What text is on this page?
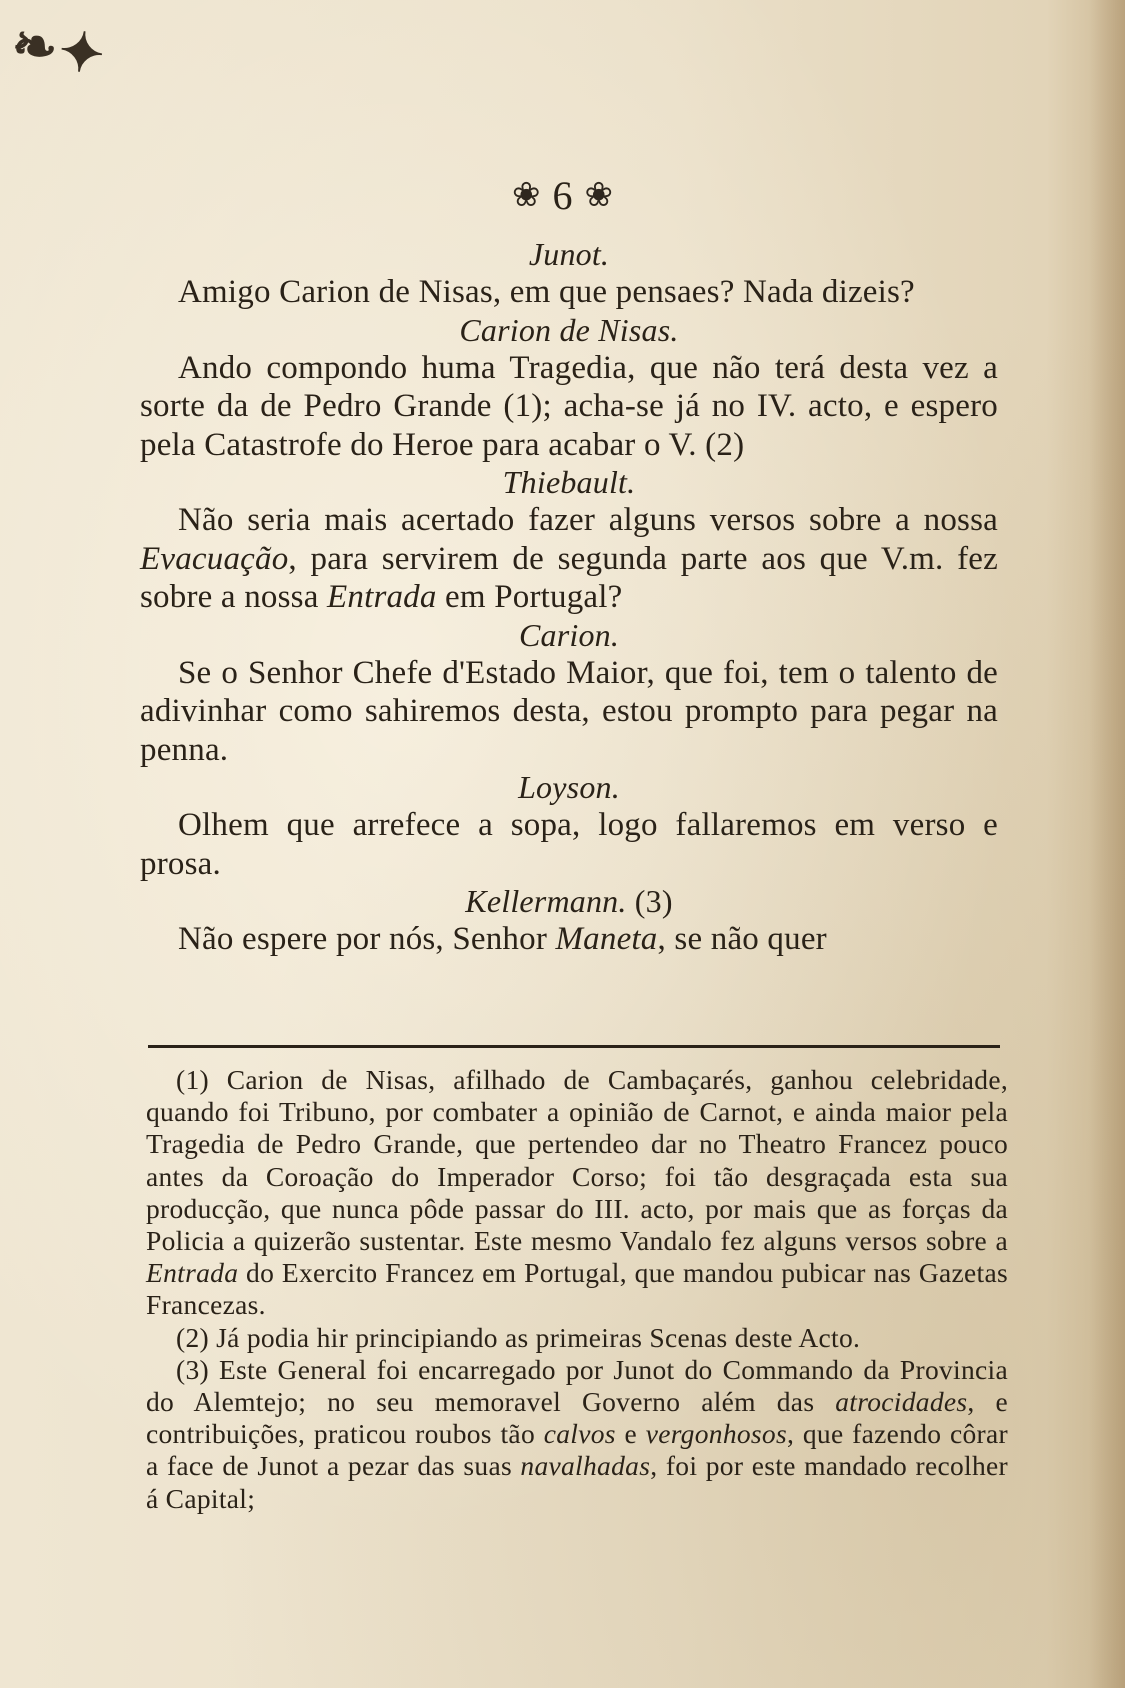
❧✦
❀ 6 ❀
Junot.

Amigo Carion de Nisas, em que pensaes? Nada dizeis?

Carion de Nisas.

Ando compondo huma Tragedia, que não terá desta vez a sorte da de Pedro Grande (1); acha-se já no IV. acto, e espero pela Catastrofe do Heroe para acabar o V. (2)

Thiebault.

Não seria mais acertado fazer alguns versos sobre a nossa Evacuação, para servirem de segunda parte aos que V.m. fez sobre a nossa Entrada em Portugal?

Carion.

Se o Senhor Chefe d'Estado Maior, que foi, tem o talento de adivinhar como sahiremos desta, estou prompto para pegar na penna.

Loyson.

Olhem que arrefece a sopa, logo fallaremos em verso e prosa.

Kellermann. (3)

Não espere por nós, Senhor Maneta, se não quer

(1) Carion de Nisas, afilhado de Cambaçarés, ganhou celebridade, quando foi Tribuno, por combater a opinião de Carnot, e ainda maior pela Tragedia de Pedro Grande, que pertendeo dar no Theatro Francez pouco antes da Coroação do Imperador Corso; foi tão desgraçada esta sua producção, que nunca pôde passar do III. acto, por mais que as forças da Policia a quizerão sustentar. Este mesmo Vandalo fez alguns versos sobre a Entrada do Exercito Francez em Portugal, que mandou pubicar nas Gazetas Francezas.

(2) Já podia hir principiando as primeiras Scenas deste Acto.

(3) Este General foi encarregado por Junot do Commando da Provincia do Alemtejo; no seu memoravel Governo além das atrocidades, e contribuições, praticou roubos tão calvos e vergonhosos, que fazendo côrar a face de Junot a pezar das suas navalhadas, foi por este mandado recolher á Capital;
